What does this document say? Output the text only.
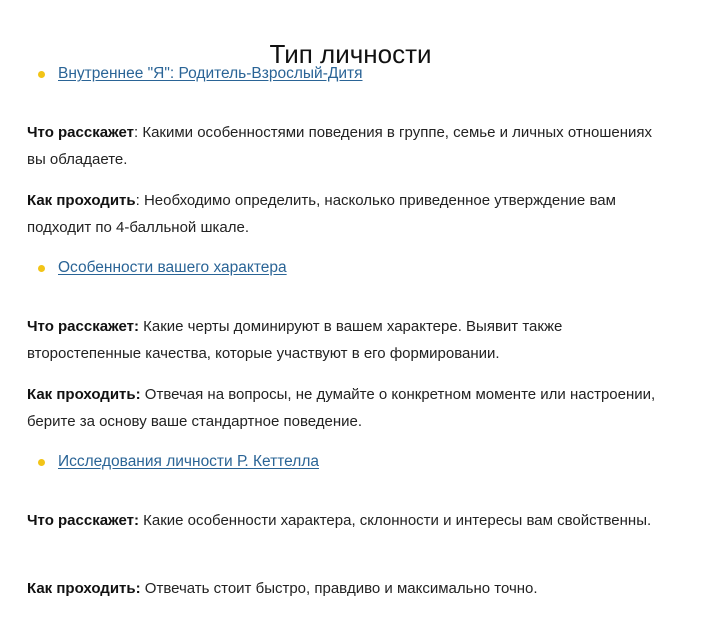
Тип личности
Внутреннее "Я": Родитель-Взрослый-Дитя

Что расскажет: Какими особенностями поведения в группе, семье и личных отношениях вы обладаете.

Как проходить: Необходимо определить, насколько приведенное утверждение вам подходит по 4-балльной шкале.

Особенности вашего характера

Что расскажет: Какие черты доминируют в вашем характере. Выявит также второстепенные качества, которые участвуют в его формировании.

Как проходить: Отвечая на вопросы, не думайте о конкретном моменте или настроении, берите за основу ваше стандартное поведение.

Исследования личности Р. Кеттелла

Что расскажет: Какие особенности характера, склонности и интересы вам свойственны.

Как проходить: Отвечать стоит быстро, правдиво и максимально точно.
